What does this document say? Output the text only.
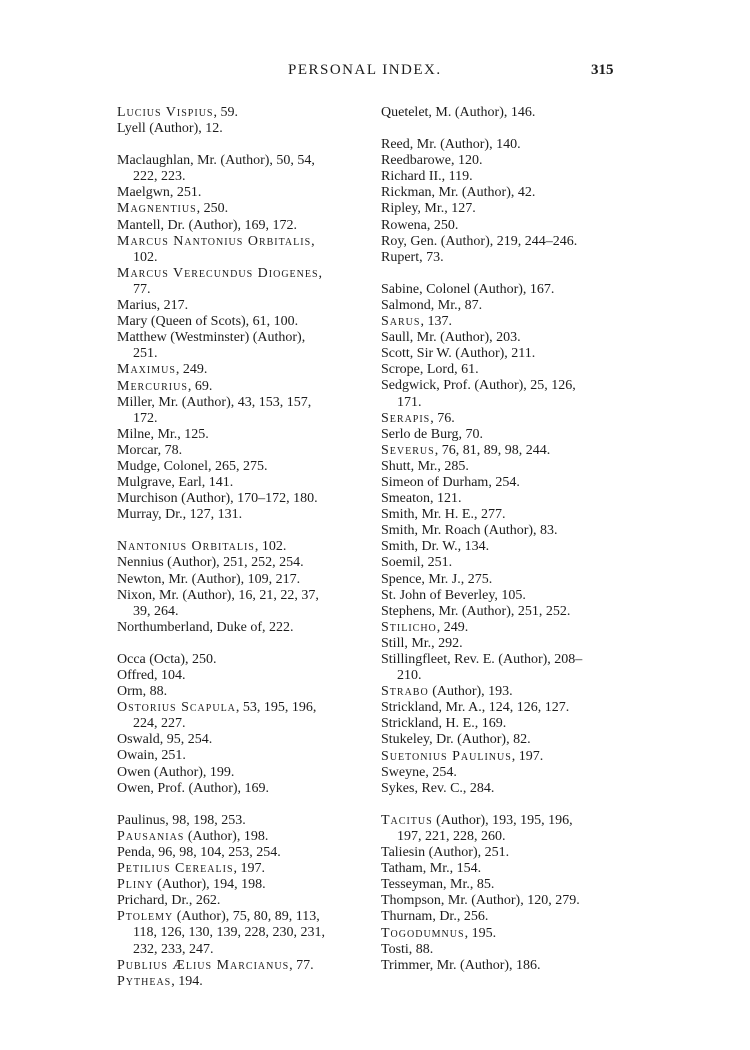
PERSONAL INDEX.	315
Lucius Vispius, 59.
Lyell (Author), 12.
Maclaughlan, Mr. (Author), 50, 54,
222, 223.
Maelgwn, 251.
Magnentius, 250.
Mantell, Dr. (Author), 169, 172.
Marcus Nantonius Orbitalis,
102.
Marcus Verecundus Diogenes,
77.
Marius, 217.
Mary (Queen of Scots), 61, 100.
Matthew (Westminster) (Author),
251.
Maximus, 249.
Mercurius, 69.
Miller, Mr. (Author), 43, 153, 157,
172.
Milne, Mr., 125.
Morcar, 78.
Mudge, Colonel, 265, 275.
Mulgrave, Earl, 141.
Murchison (Author), 170–172, 180.
Murray, Dr., 127, 131.
Nantonius Orbitalis, 102.
Nennius (Author), 251, 252, 254.
Newton, Mr. (Author), 109, 217.
Nixon, Mr. (Author), 16, 21, 22, 37,
39, 264.
Northumberland, Duke of, 222.
Occa (Octa), 250.
Offred, 104.
Orm, 88.
Ostorius Scapula, 53, 195, 196,
224, 227.
Oswald, 95, 254.
Owain, 251.
Owen (Author), 199.
Owen, Prof. (Author), 169.
Paulinus, 98, 198, 253.
Pausanias (Author), 198.
Penda, 96, 98, 104, 253, 254.
Petilius Cerealis, 197.
Pliny (Author), 194, 198.
Prichard, Dr., 262.
Ptolemy (Author), 75, 80, 89, 113,
118, 126, 130, 139, 228, 230, 231,
232, 233, 247.
Publius Ælius Marcianus, 77.
Pytheas, 194.
Quetelet, M. (Author), 146.
Reed, Mr. (Author), 140.
Reedbarowe, 120.
Richard II., 119.
Rickman, Mr. (Author), 42.
Ripley, Mr., 127.
Rowena, 250.
Roy, Gen. (Author), 219, 244–246.
Rupert, 73.
Sabine, Colonel (Author), 167.
Salmond, Mr., 87.
Sarus, 137.
Saull, Mr. (Author), 203.
Scott, Sir W. (Author), 211.
Scrope, Lord, 61.
Sedgwick, Prof. (Author), 25, 126,
171.
Serapis, 76.
Serlo de Burg, 70.
Severus, 76, 81, 89, 98, 244.
Shutt, Mr., 285.
Simeon of Durham, 254.
Smeaton, 121.
Smith, Mr. H. E., 277.
Smith, Mr. Roach (Author), 83.
Smith, Dr. W., 134.
Soemil, 251.
Spence, Mr. J., 275.
St. John of Beverley, 105.
Stephens, Mr. (Author), 251, 252.
Stilicho, 249.
Still, Mr., 292.
Stillingfleet, Rev. E. (Author), 208–
210.
Strabo (Author), 193.
Strickland, Mr. A., 124, 126, 127.
Strickland, H. E., 169.
Stukeley, Dr. (Author), 82.
Suetonius Paulinus, 197.
Sweyne, 254.
Sykes, Rev. C., 284.
Tacitus (Author), 193, 195, 196,
197, 221, 228, 260.
Taliesin (Author), 251.
Tatham, Mr., 154.
Tesseyman, Mr., 85.
Thompson, Mr. (Author), 120, 279.
Thurnam, Dr., 256.
Togodumnus, 195.
Tosti, 88.
Trimmer, Mr. (Author), 186.
